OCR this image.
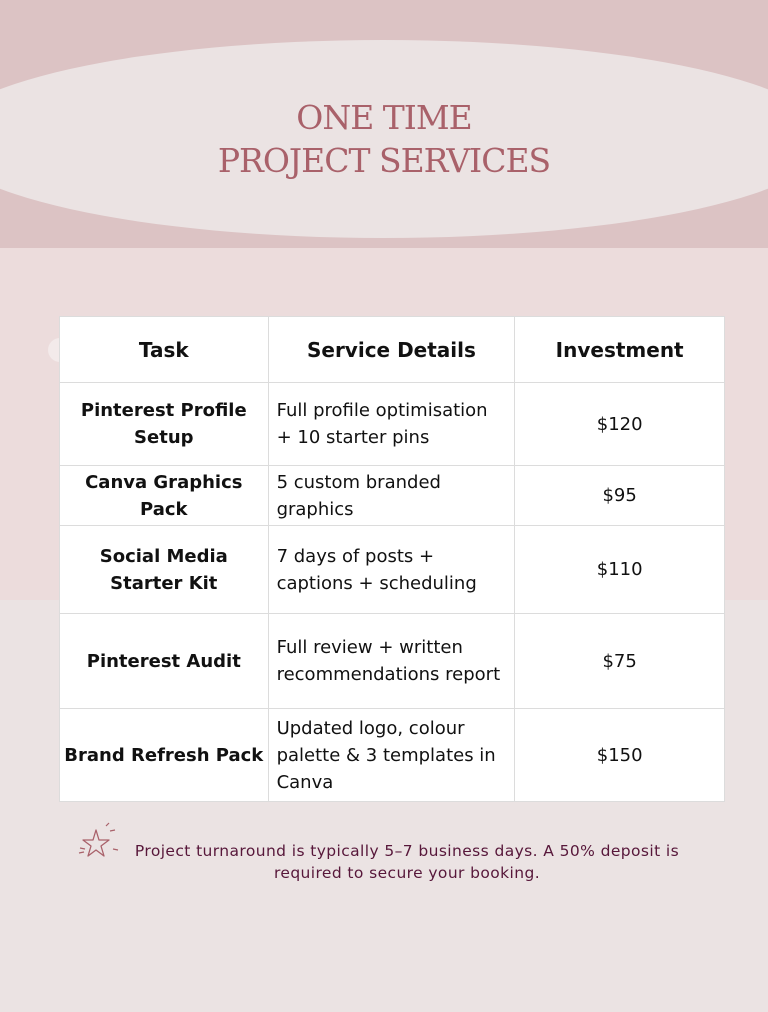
ONE TIME
PROJECT SERVICES
Task	Service Details	Investment
Pinterest Profile Setup	Full profile optimisation + 10 starter pins	$120
Canva Graphics Pack	5 custom branded graphics	$95
Social Media Starter Kit	7 days of posts + captions + scheduling	$110
Pinterest Audit	Full review + written recommendations report	$75
Brand Refresh Pack	Updated logo, colour palette & 3 templates in Canva	$150
Project turnaround is typically 5–7 business days. A 50% deposit is required to secure your booking.
